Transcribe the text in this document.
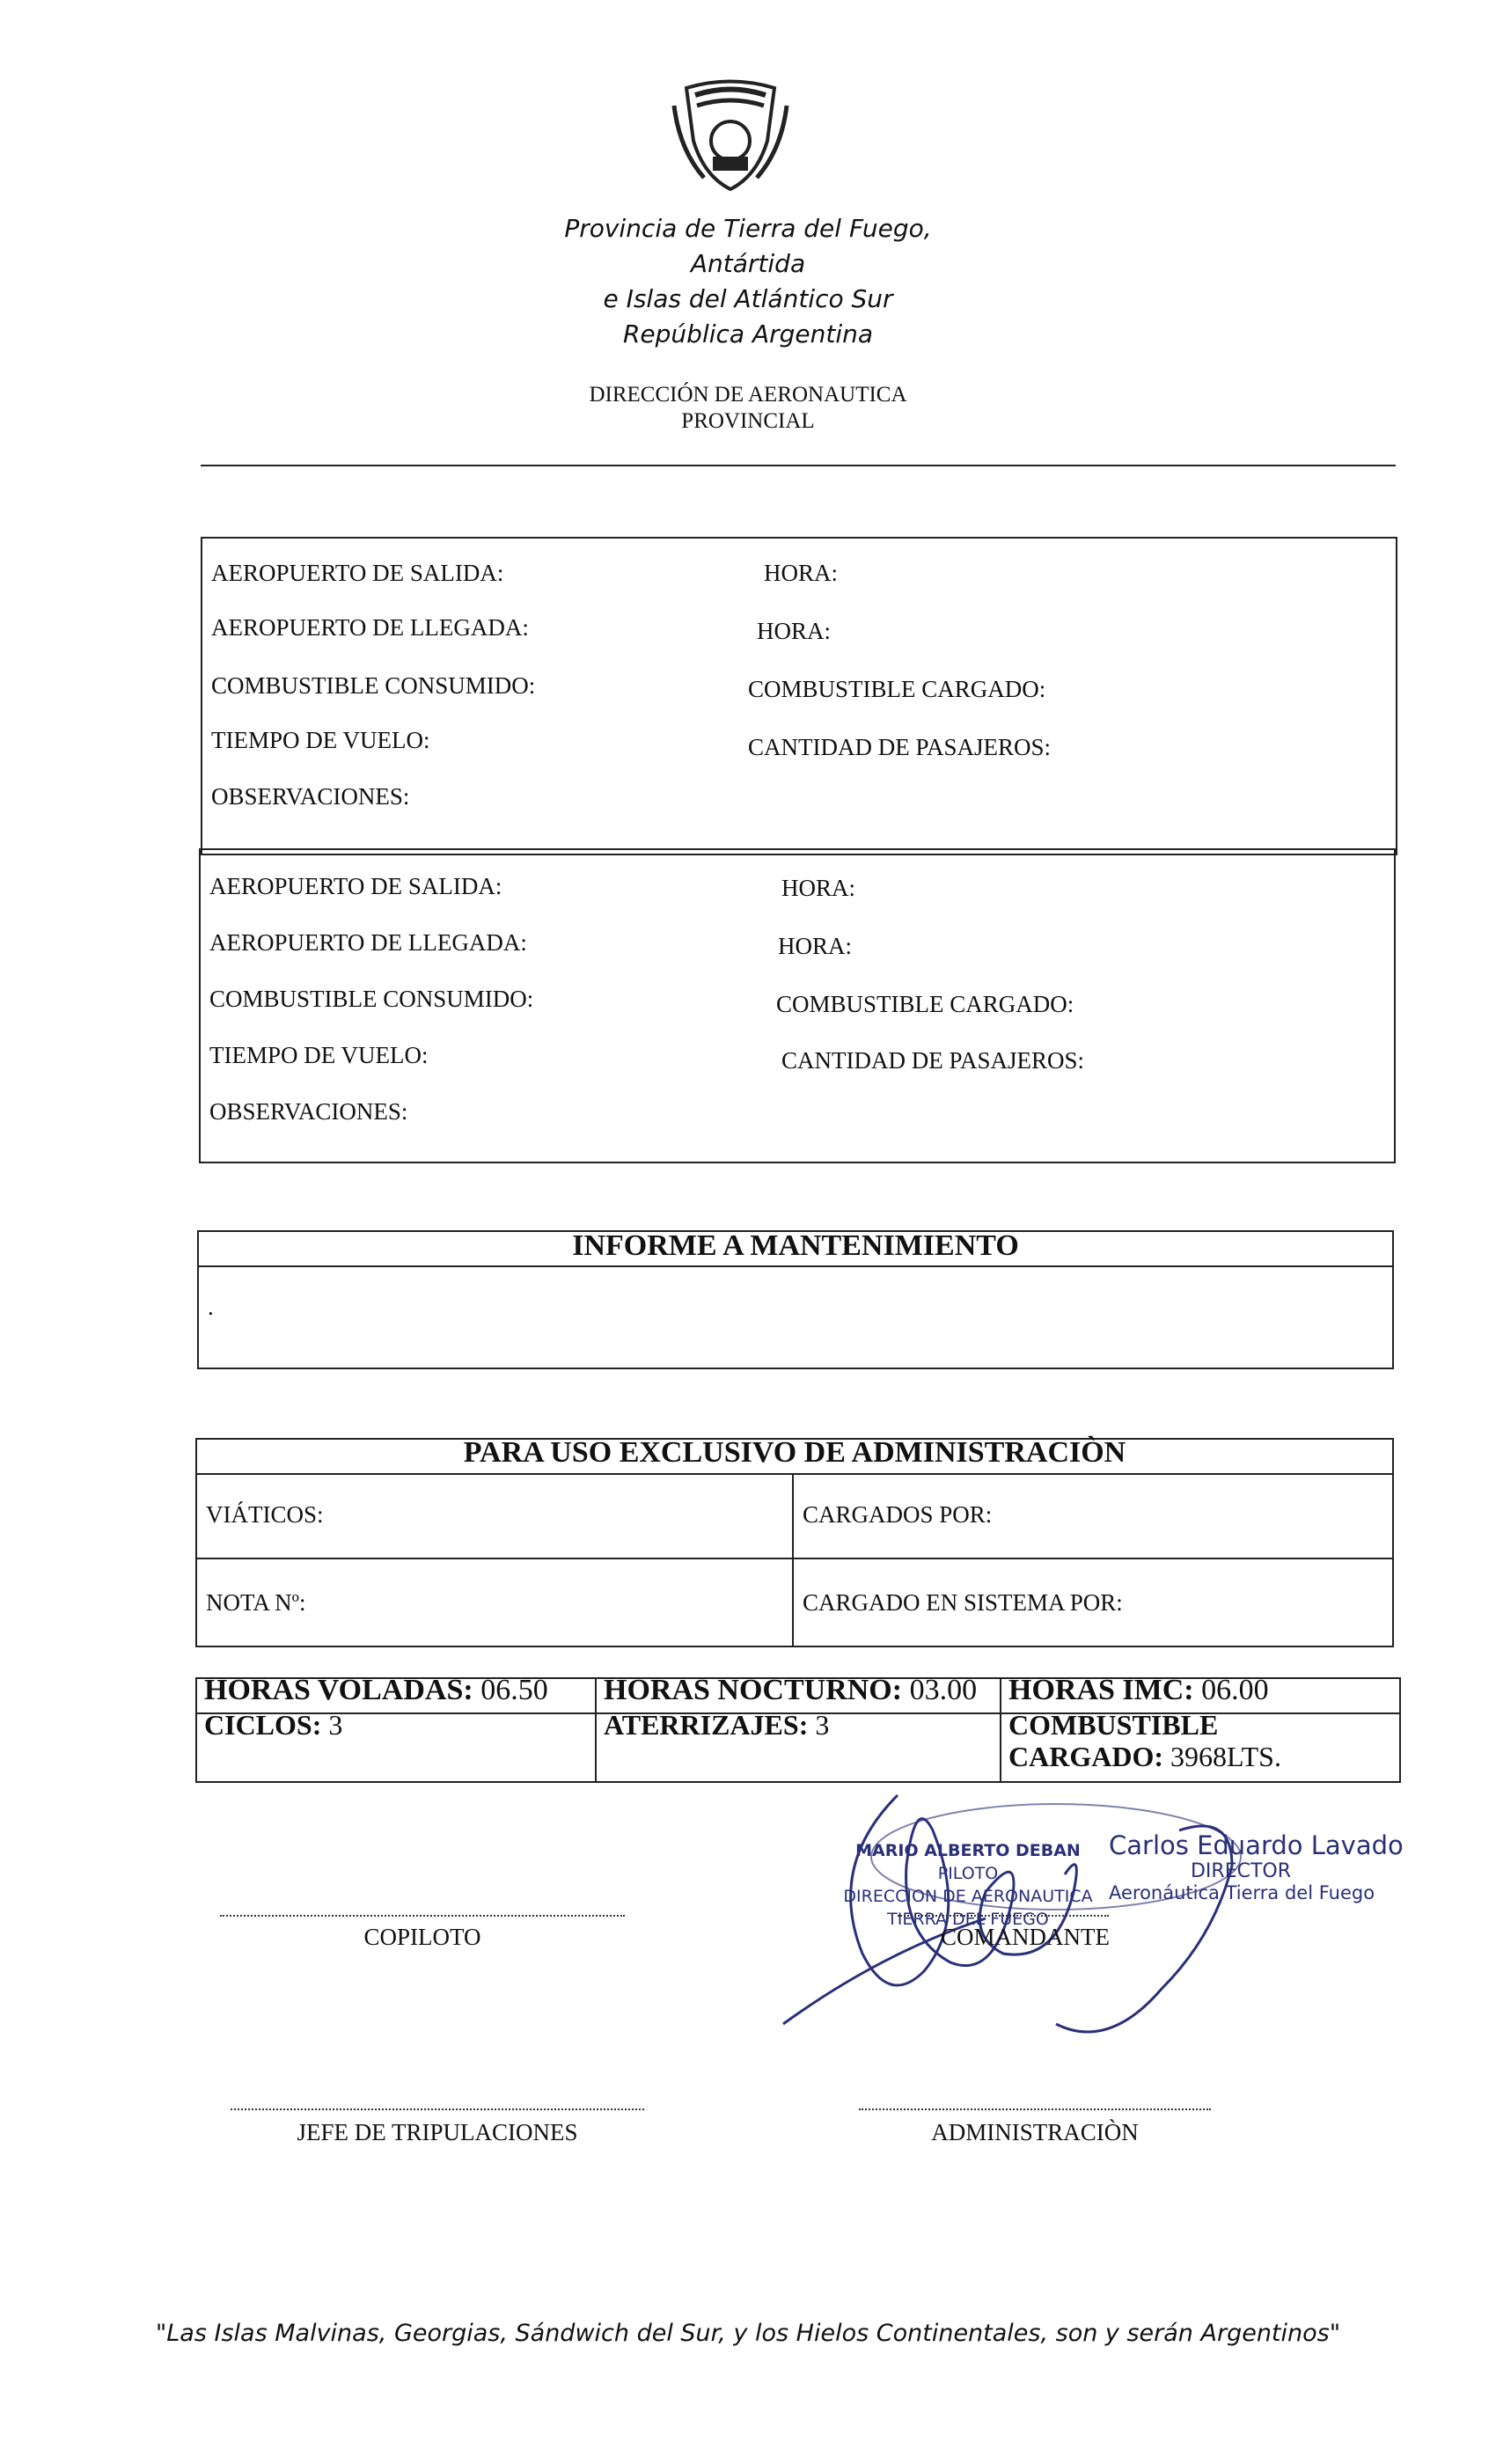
Provincia de Tierra del Fuego,
Antártida
e Islas del Atlántico Sur
República Argentina
DIRECCIÓN DE AERONAUTICA
PROVINCIAL
AEROPUERTO DE SALIDA:	HORA:
AEROPUERTO DE LLEGADA:	HORA:
COMBUSTIBLE CONSUMIDO:	COMBUSTIBLE CARGADO:
TIEMPO DE VUELO:	CANTIDAD DE PASAJEROS:
OBSERVACIONES:
AEROPUERTO DE SALIDA:	HORA:
AEROPUERTO DE LLEGADA:	HORA:
COMBUSTIBLE CONSUMIDO:	COMBUSTIBLE CARGADO:
TIEMPO DE VUELO:	CANTIDAD DE PASAJEROS:
OBSERVACIONES:
INFORME A MANTENIMIENTO
.
PARA USO EXCLUSIVO DE ADMINISTRACIÒN
VIÁTICOS:	CARGADOS POR:
NOTA Nº:	CARGADO EN SISTEMA POR:
HORAS VOLADAS: 06.50 HORAS NOCTURNO: 03.00 HORAS IMC: 06.00
CICLOS: 3	ATERRIZAJES: 3	COMBUSTIBLE
CARGADO: 3968LTS.
MARIO ALBERTO DEBAN
PILOTO
DIRECCION DE AERONAUTICA
TIERRA DEL FUEGO
Carlos Eduardo Lavado
DIRECTOR
Aeronáutica Tierra del Fuego
COPILOTO	COMANDANTE
JEFE DE TRIPULACIONES	ADMINISTRACIÒN
"Las Islas Malvinas, Georgias, Sándwich del Sur, y los Hielos Continentales, son y serán Argentinos"
